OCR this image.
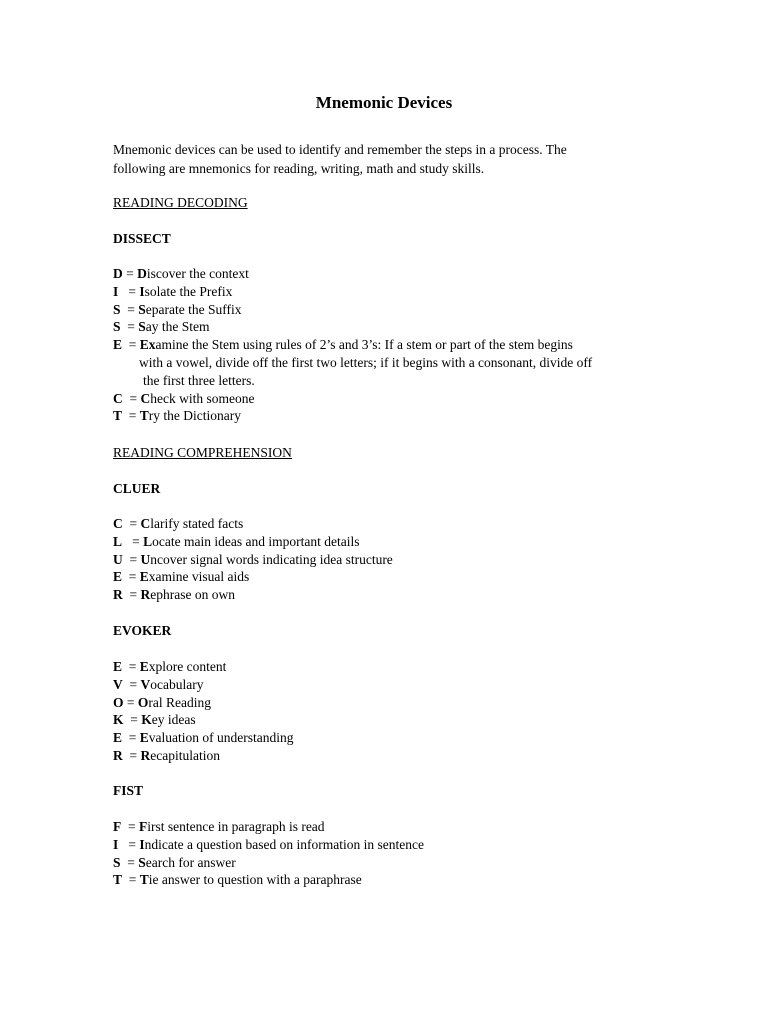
Mnemonic Devices
Mnemonic devices can be used to identify and remember the steps in a process. The
following are mnemonics for reading, writing, math and study skills.
READING DECODING
DISSECT
D = Discover the context
I   = Isolate the Prefix
S  = Separate the Suffix
S  = Say the Stem
E  = Examine the Stem using rules of 2’s and 3’s: If a stem or part of the stem begins
with a vowel, divide off the first two letters; if it begins with a consonant, divide off
the first three letters.
C  = Check with someone
T  = Try the Dictionary
READING COMPREHENSION
CLUER
C  = Clarify stated facts
L   = Locate main ideas and important details
U  = Uncover signal words indicating idea structure
E  = Examine visual aids
R  = Rephrase on own
EVOKER
E  = Explore content
V  = Vocabulary
O = Oral Reading
K  = Key ideas
E  = Evaluation of understanding
R  = Recapitulation
FIST
F  = First sentence in paragraph is read
I   = Indicate a question based on information in sentence
S  = Search for answer
T  = Tie answer to question with a paraphrase
